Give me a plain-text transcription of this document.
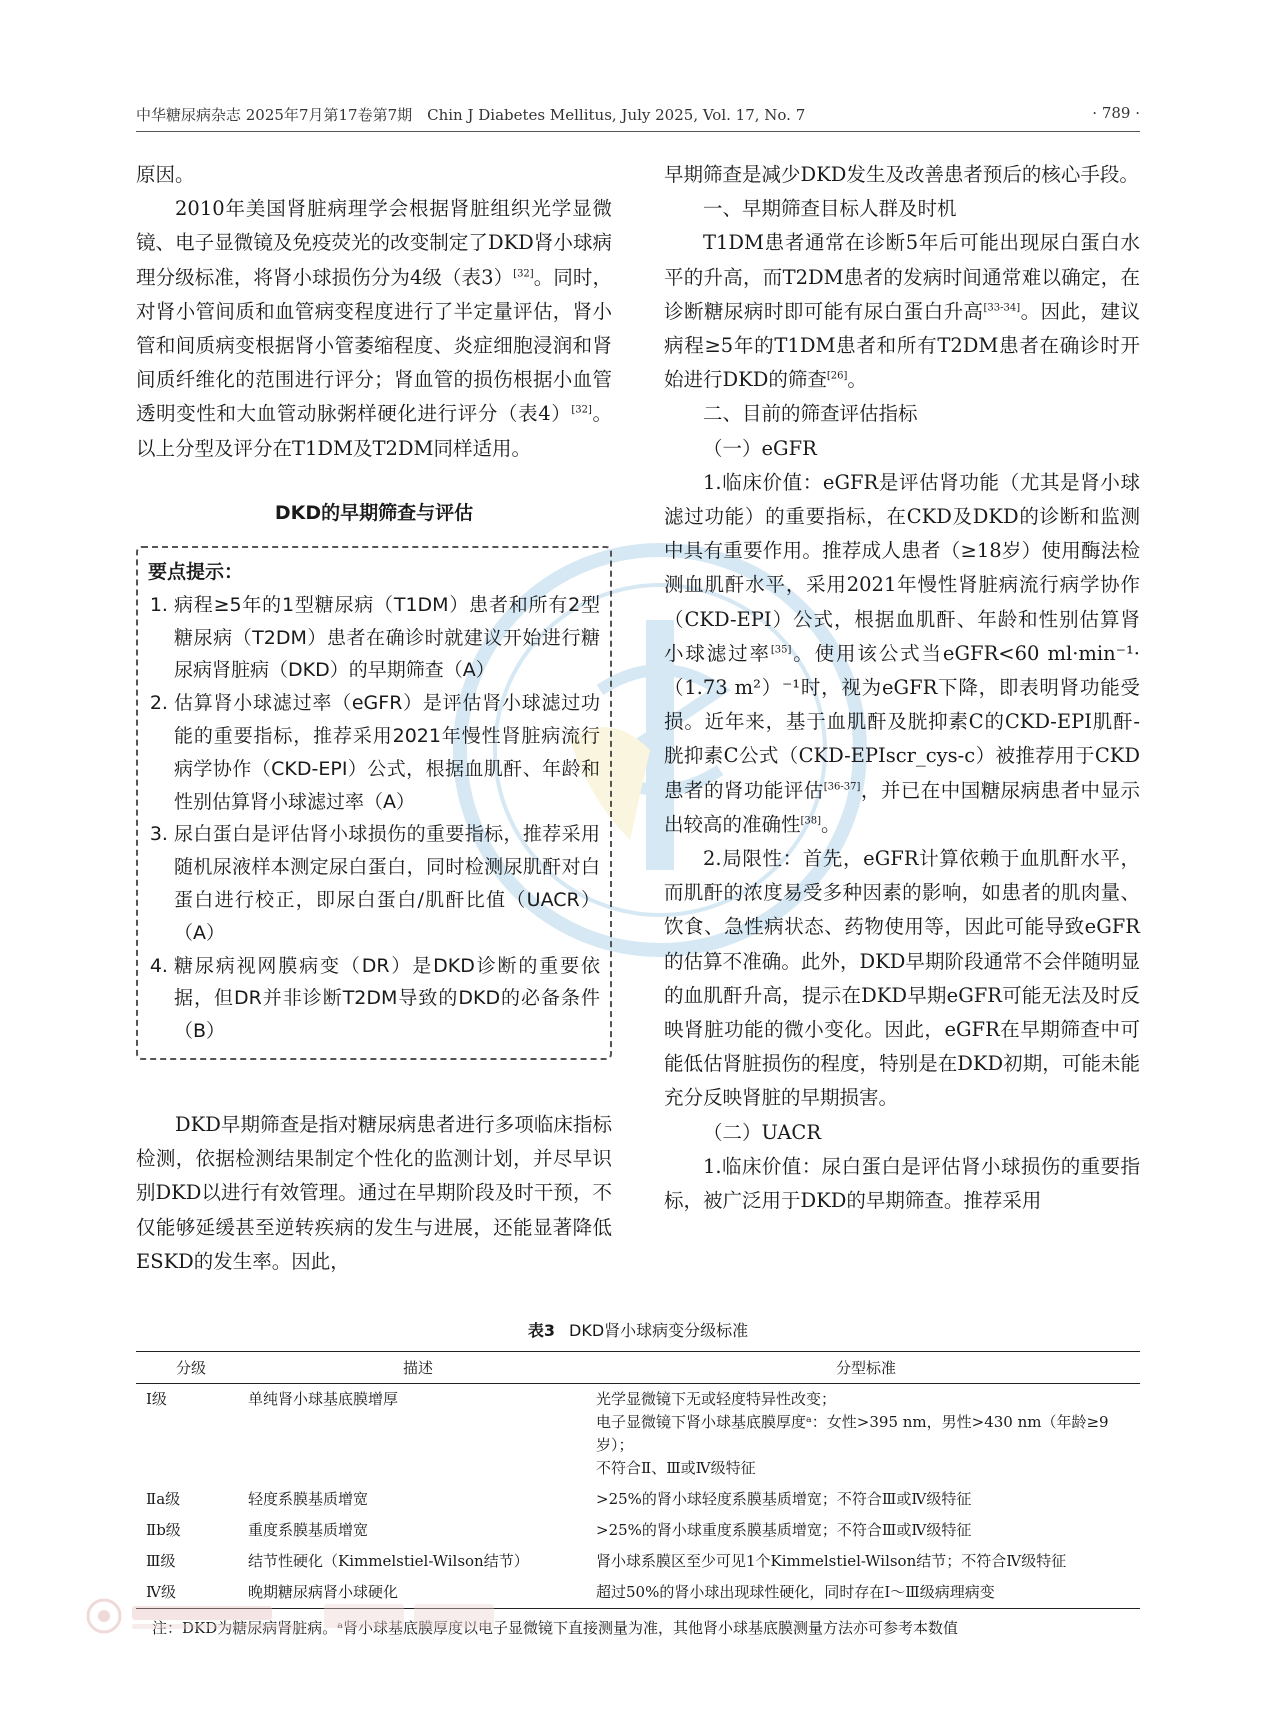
中华糖尿病杂志 2025年7月第17卷第7期　Chin J Diabetes Mellitus, July 2025, Vol. 17, No. 7	· 789 ·

原因。

2010年美国肾脏病理学会根据肾脏组织光学显微镜、电子显微镜及免疫荧光的改变制定了DKD肾小球病理分级标准，将肾小球损伤分为4级（表3）[32]。同时，对肾小管间质和血管病变程度进行了半定量评估，肾小管和间质病变根据肾小管萎缩程度、炎症细胞浸润和肾间质纤维化的范围进行评分；肾血管的损伤根据小血管透明变性和大血管动脉粥样硬化进行评分（表4）[32]。以上分型及评分在T1DM及T2DM同样适用。

DKD的早期筛查与评估
要点提示：
1. 病程≥5年的1型糖尿病（T1DM）患者和所有2型糖尿病（T2DM）患者在确诊时就建议开始进行糖尿病肾脏病（DKD）的早期筛查（A）
2. 估算肾小球滤过率（eGFR）是评估肾小球滤过功能的重要指标，推荐采用2021年慢性肾脏病流行病学协作（CKD-EPI）公式，根据血肌酐、年龄和性别估算肾小球滤过率（A）
3. 尿白蛋白是评估肾小球损伤的重要指标，推荐采用随机尿液样本测定尿白蛋白，同时检测尿肌酐对白蛋白进行校正，即尿白蛋白/肌酐比值（UACR）（A）
4. 糖尿病视网膜病变（DR）是DKD诊断的重要依据，但DR并非诊断T2DM导致的DKD的必备条件（B）

DKD早期筛查是指对糖尿病患者进行多项临床指标检测，依据检测结果制定个性化的监测计划，并尽早识别DKD以进行有效管理。通过在早期阶段及时干预，不仅能够延缓甚至逆转疾病的发生与进展，还能显著降低ESKD的发生率。因此，

早期筛查是减少DKD发生及改善患者预后的核心手段。

一、早期筛查目标人群及时机

T1DM患者通常在诊断5年后可能出现尿白蛋白水平的升高，而T2DM患者的发病时间通常难以确定，在诊断糖尿病时即可能有尿白蛋白升高[33-34]。因此，建议病程≥5年的T1DM患者和所有T2DM患者在确诊时开始进行DKD的筛查[26]。

二、目前的筛查评估指标

（一）eGFR

1.临床价值：eGFR是评估肾功能（尤其是肾小球滤过功能）的重要指标，在CKD及DKD的诊断和监测中具有重要作用。推荐成人患者（≥18岁）使用酶法检测血肌酐水平，采用2021年慢性肾脏病流行病学协作（CKD-EPI）公式，根据血肌酐、年龄和性别估算肾小球滤过率[35]。使用该公式当eGFR<60 ml·min⁻¹·（1.73 m²）⁻¹时，视为eGFR下降，即表明肾功能受损。近年来，基于血肌酐及胱抑素C的CKD-EPI肌酐-胱抑素C公式（CKD-EPIscr_cys-c）被推荐用于CKD患者的肾功能评估[36-37]，并已在中国糖尿病患者中显示出较高的准确性[38]。

2.局限性：首先，eGFR计算依赖于血肌酐水平，而肌酐的浓度易受多种因素的影响，如患者的肌肉量、饮食、急性病状态、药物使用等，因此可能导致eGFR的估算不准确。此外，DKD早期阶段通常不会伴随明显的血肌酐升高，提示在DKD早期eGFR可能无法及时反映肾脏功能的微小变化。因此，eGFR在早期筛查中可能低估肾脏损伤的程度，特别是在DKD初期，可能未能充分反映肾脏的早期损害。

（二）UACR

1.临床价值：尿白蛋白是评估肾小球损伤的重要指标，被广泛用于DKD的早期筛查。推荐采用

表3 DKD肾小球病变分级标准
分级	描述	分型标准
Ⅰ级	单纯肾小球基底膜增厚	光学显微镜下无或轻度特异性改变；
电子显微镜下肾小球基底膜厚度ᵃ：女性>395 nm，男性>430 nm（年龄≥9岁）；
不符合Ⅱ、Ⅲ或Ⅳ级特征

Ⅱa级	轻度系膜基质增宽	>25%的肾小球轻度系膜基质增宽；不符合Ⅲ或Ⅳ级特征
Ⅱb级	重度系膜基质增宽	>25%的肾小球重度系膜基质增宽；不符合Ⅲ或Ⅳ级特征
Ⅲ级	结节性硬化（Kimmelstiel-Wilson结节）	肾小球系膜区至少可见1个Kimmelstiel-Wilson结节；不符合Ⅳ级特征
Ⅳ级	晚期糖尿病肾小球硬化	超过50%的肾小球出现球性硬化，同时存在Ⅰ～Ⅲ级病理病变
注：DKD为糖尿病肾脏病。ᵃ肾小球基底膜厚度以电子显微镜下直接测量为准，其他肾小球基底膜测量方法亦可参考本数值
